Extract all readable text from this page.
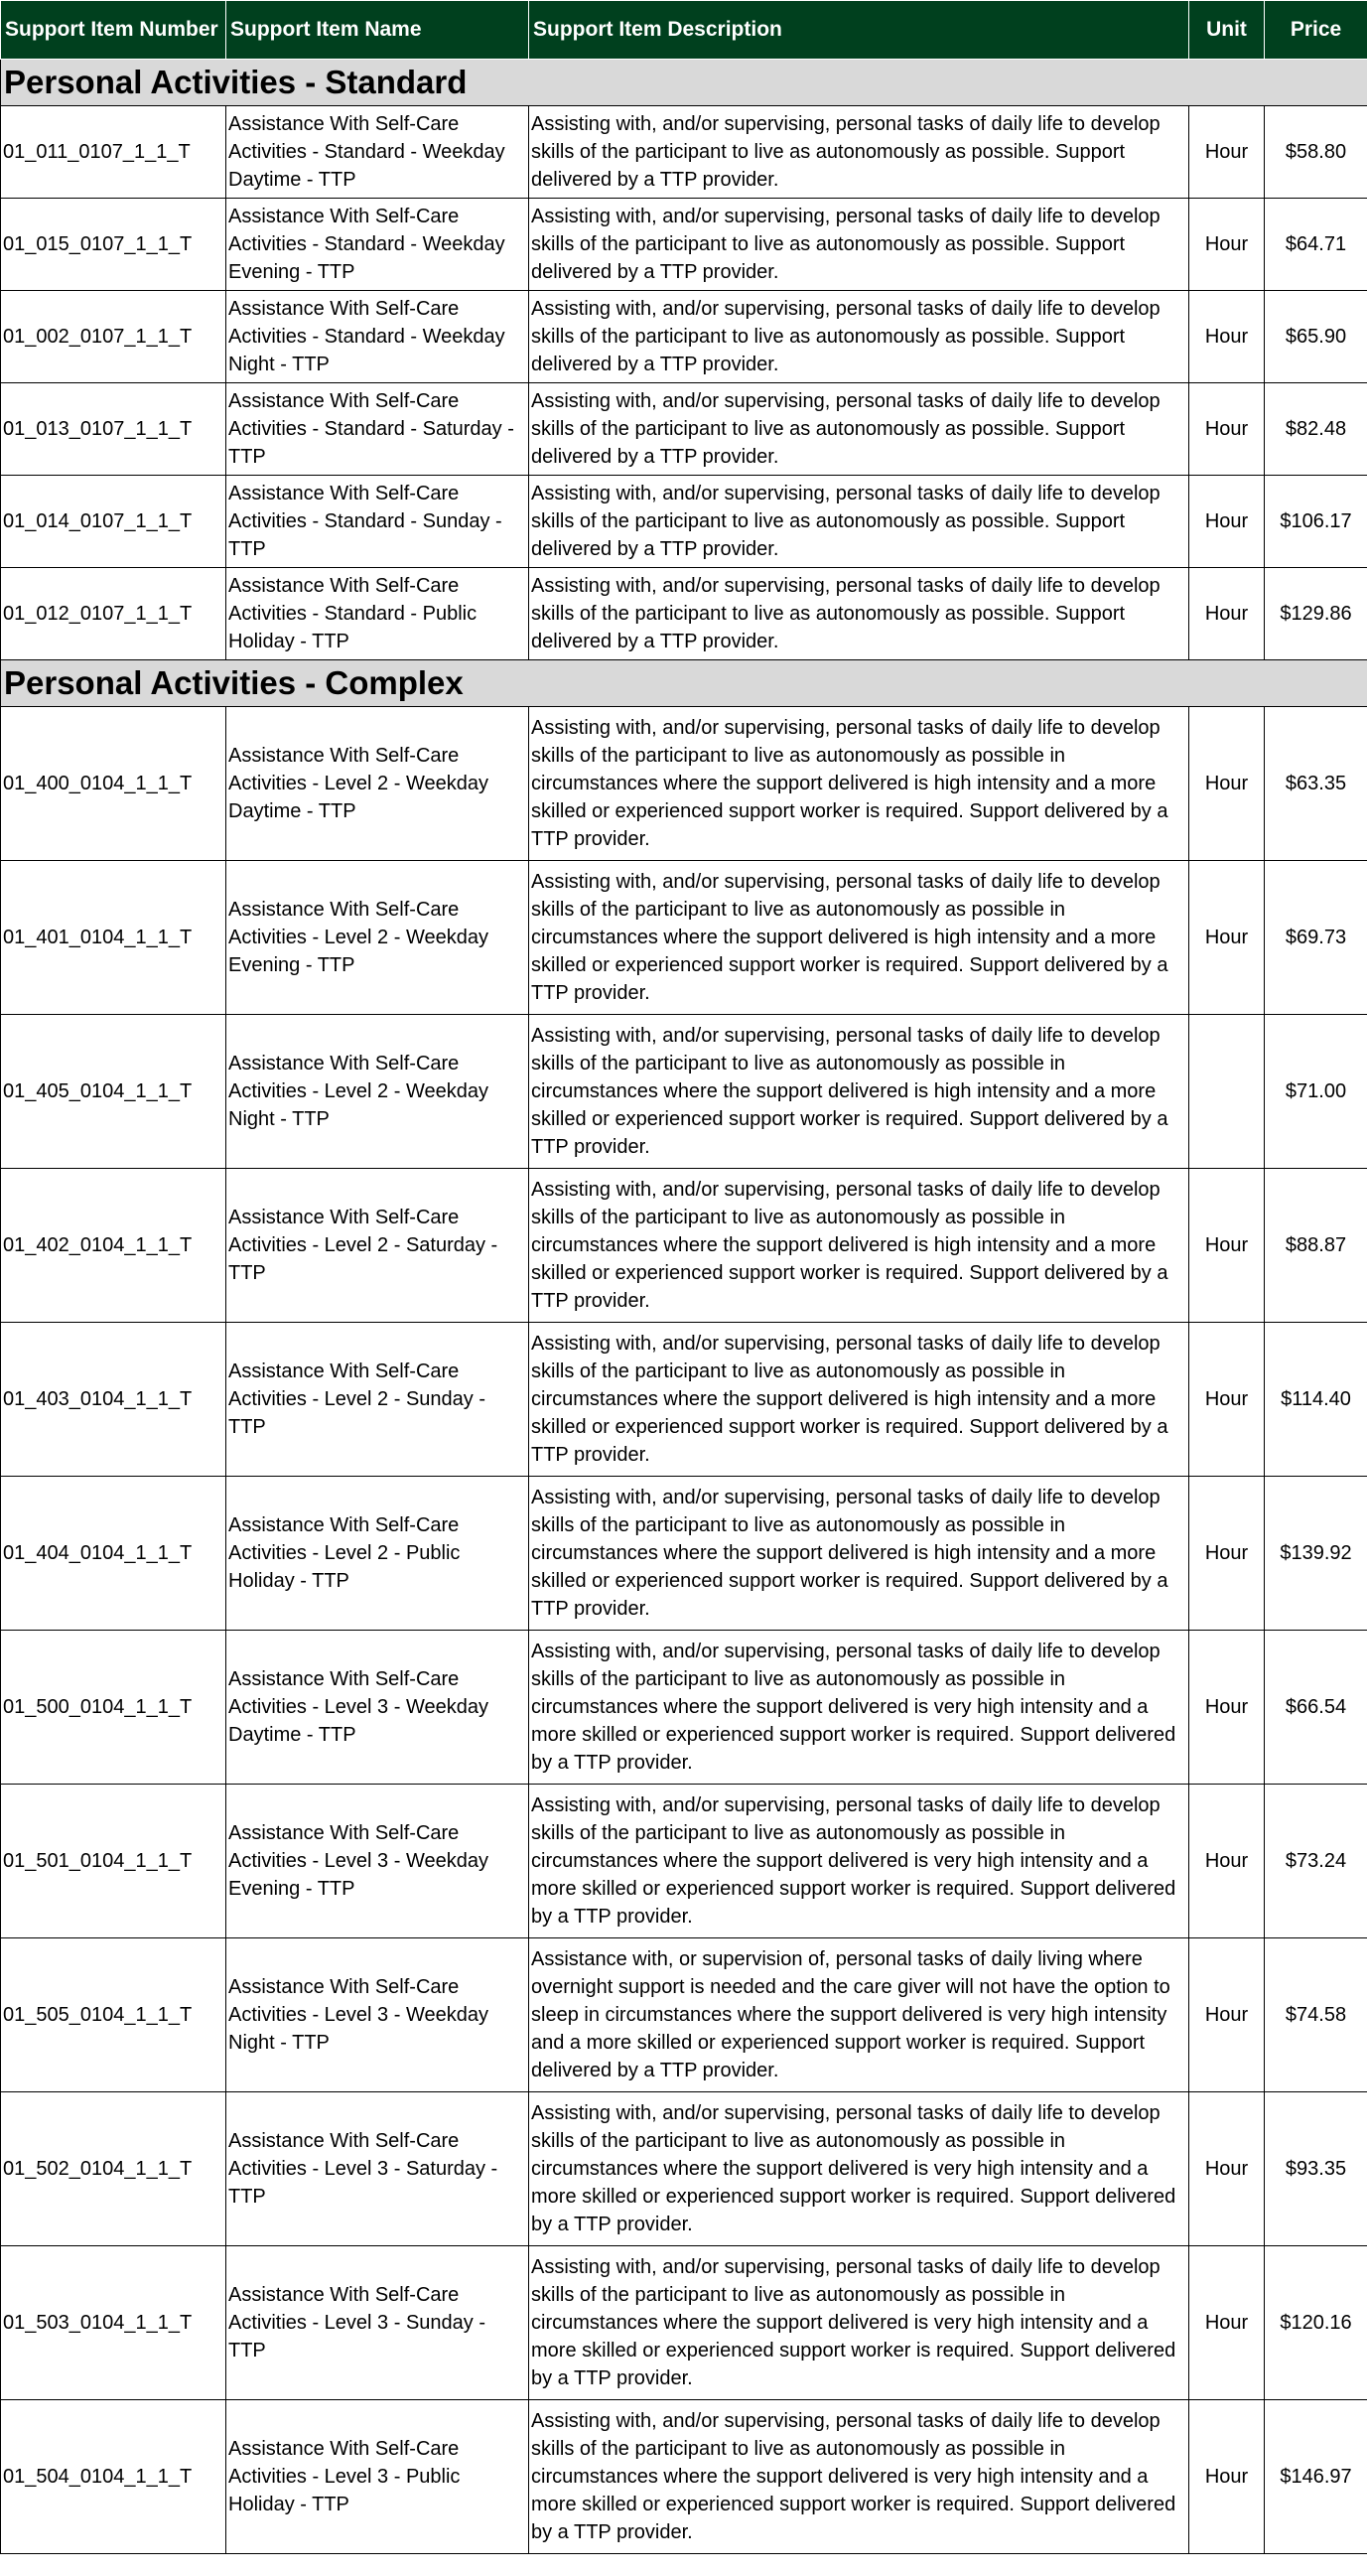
Support Item Number	Support Item Name	Support Item Description	Unit	Price
Personal Activities - Standard				
01_011_0107_1_1_T	Assistance With Self-Care Activities - Standard - Weekday Daytime - TTP	Assisting with, and/or supervising, personal tasks of daily life to develop skills of the participant to live as autonomously as possible. Support delivered by a TTP provider.	Hour	$58.80
01_015_0107_1_1_T	Assistance With Self-Care Activities - Standard - Weekday Evening - TTP	Assisting with, and/or supervising, personal tasks of daily life to develop skills of the participant to live as autonomously as possible. Support delivered by a TTP provider.	Hour	$64.71
01_002_0107_1_1_T	Assistance With Self-Care Activities - Standard - Weekday Night - TTP	Assisting with, and/or supervising, personal tasks of daily life to develop skills of the participant to live as autonomously as possible. Support delivered by a TTP provider.	Hour	$65.90
01_013_0107_1_1_T	Assistance With Self-Care Activities - Standard - Saturday - TTP	Assisting with, and/or supervising, personal tasks of daily life to develop skills of the participant to live as autonomously as possible. Support delivered by a TTP provider.	Hour	$82.48
01_014_0107_1_1_T	Assistance With Self-Care Activities - Standard - Sunday - TTP	Assisting with, and/or supervising, personal tasks of daily life to develop skills of the participant to live as autonomously as possible. Support delivered by a TTP provider.	Hour	$106.17
01_012_0107_1_1_T	Assistance With Self-Care Activities - Standard - Public Holiday - TTP	Assisting with, and/or supervising, personal tasks of daily life to develop skills of the participant to live as autonomously as possible. Support delivered by a TTP provider.	Hour	$129.86
Personal Activities - Complex				
01_400_0104_1_1_T	Assistance With Self-Care Activities - Level 2 - Weekday Daytime - TTP	Assisting with, and/or supervising, personal tasks of daily life to develop skills of the participant to live as autonomously as possible in circumstances where the support delivered is high intensity and a more skilled or experienced support worker is required. Support delivered by a TTP provider.	Hour	$63.35
01_401_0104_1_1_T	Assistance With Self-Care Activities - Level 2 - Weekday Evening - TTP	Assisting with, and/or supervising, personal tasks of daily life to develop skills of the participant to live as autonomously as possible in circumstances where the support delivered is high intensity and a more skilled or experienced support worker is required. Support delivered by a TTP provider.	Hour	$69.73
01_405_0104_1_1_T	Assistance With Self-Care Activities - Level 2 - Weekday Night - TTP	Assisting with, and/or supervising, personal tasks of daily life to develop skills of the participant to live as autonomously as possible in circumstances where the support delivered is high intensity and a more skilled or experienced support worker is required. Support delivered by a TTP provider.		$71.00
01_402_0104_1_1_T	Assistance With Self-Care Activities - Level 2 - Saturday - TTP	Assisting with, and/or supervising, personal tasks of daily life to develop skills of the participant to live as autonomously as possible in circumstances where the support delivered is high intensity and a more skilled or experienced support worker is required. Support delivered by a TTP provider.	Hour	$88.87
01_403_0104_1_1_T	Assistance With Self-Care Activities - Level 2 - Sunday - TTP	Assisting with, and/or supervising, personal tasks of daily life to develop skills of the participant to live as autonomously as possible in circumstances where the support delivered is high intensity and a more skilled or experienced support worker is required. Support delivered by a TTP provider.	Hour	$114.40
01_404_0104_1_1_T	Assistance With Self-Care Activities - Level 2 - Public Holiday - TTP	Assisting with, and/or supervising, personal tasks of daily life to develop skills of the participant to live as autonomously as possible in circumstances where the support delivered is high intensity and a more skilled or experienced support worker is required. Support delivered by a TTP provider.	Hour	$139.92
01_500_0104_1_1_T	Assistance With Self-Care Activities - Level 3 - Weekday Daytime - TTP	Assisting with, and/or supervising, personal tasks of daily life to develop skills of the participant to live as autonomously as possible in circumstances where the support delivered is very high intensity and a more skilled or experienced support worker is required. Support delivered by a TTP provider.	Hour	$66.54
01_501_0104_1_1_T	Assistance With Self-Care Activities - Level 3 - Weekday Evening - TTP	Assisting with, and/or supervising, personal tasks of daily life to develop skills of the participant to live as autonomously as possible in circumstances where the support delivered is very high intensity and a more skilled or experienced support worker is required. Support delivered by a TTP provider.	Hour	$73.24
01_505_0104_1_1_T	Assistance With Self-Care Activities - Level 3 - Weekday Night - TTP	Assistance with, or supervision of, personal tasks of daily living where overnight support is needed and the care giver will not have the option to sleep in circumstances where the support delivered is very high intensity and a more skilled or experienced support worker is required. Support delivered by a TTP provider.	Hour	$74.58
01_502_0104_1_1_T	Assistance With Self-Care Activities - Level 3 - Saturday - TTP	Assisting with, and/or supervising, personal tasks of daily life to develop skills of the participant to live as autonomously as possible in circumstances where the support delivered is very high intensity and a more skilled or experienced support worker is required. Support delivered by a TTP provider.	Hour	$93.35
01_503_0104_1_1_T	Assistance With Self-Care Activities - Level 3 - Sunday - TTP	Assisting with, and/or supervising, personal tasks of daily life to develop skills of the participant to live as autonomously as possible in circumstances where the support delivered is very high intensity and a more skilled or experienced support worker is required. Support delivered by a TTP provider.	Hour	$120.16
01_504_0104_1_1_T	Assistance With Self-Care Activities - Level 3 - Public Holiday - TTP	Assisting with, and/or supervising, personal tasks of daily life to develop skills of the participant to live as autonomously as possible in circumstances where the support delivered is very high intensity and a more skilled or experienced support worker is required. Support delivered by a TTP provider.	Hour	$146.97
